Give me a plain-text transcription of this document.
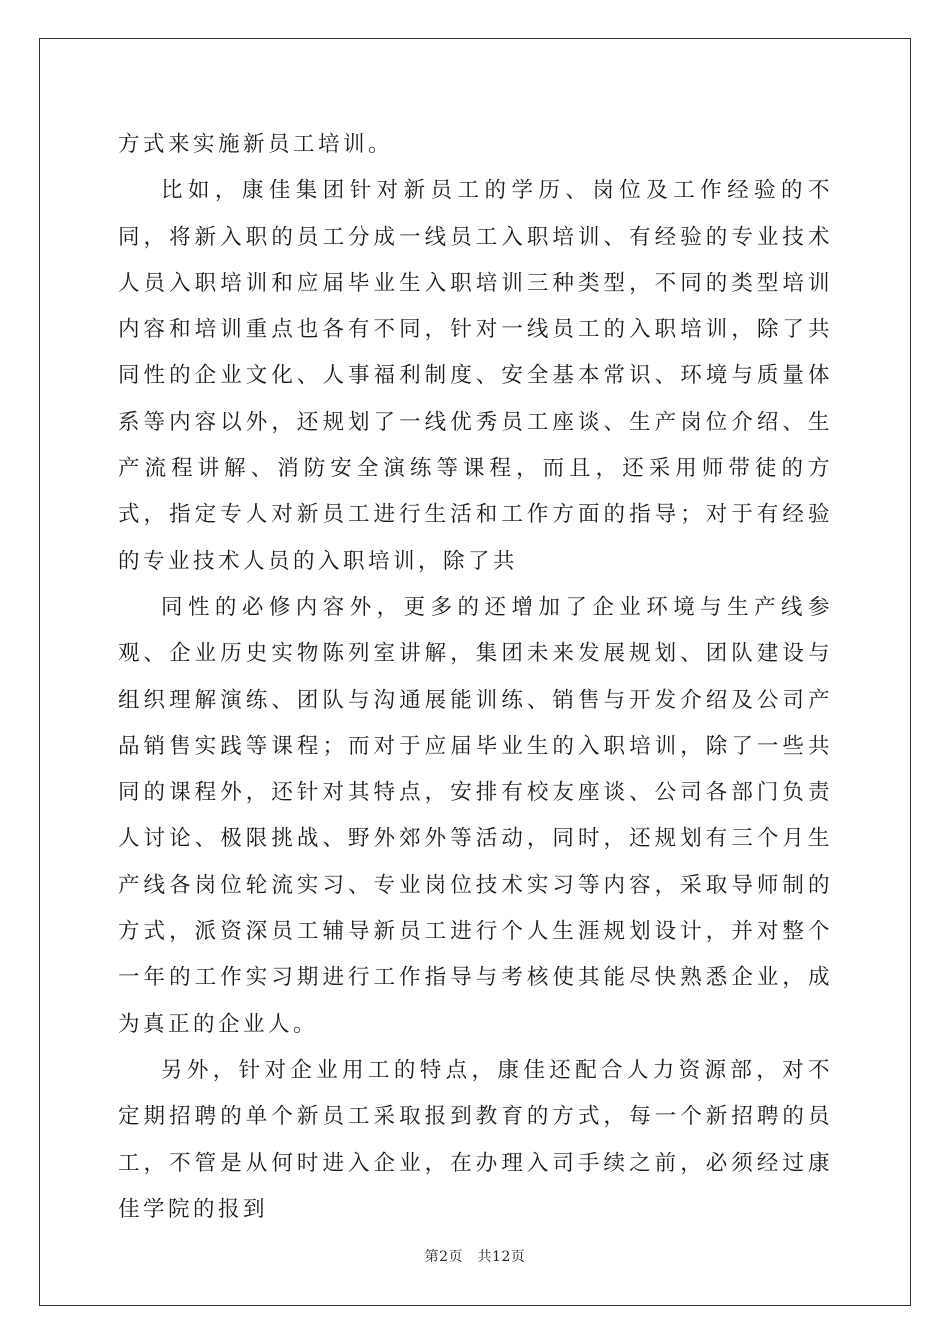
方式来实施新员工培训。

比如，康佳集团针对新员工的学历、岗位及工作经验的不同，将新入职的员工分成一线员工入职培训、有经验的专业技术人员入职培训和应届毕业生入职培训三种类型，不同的类型培训内容和培训重点也各有不同，针对一线员工的入职培训，除了共同性的企业文化、人事福利制度、安全基本常识、环境与质量体系等内容以外，还规划了一线优秀员工座谈、生产岗位介绍、生产流程讲解、消防安全演练等课程，而且，还采用师带徒的方式，指定专人对新员工进行生活和工作方面的指导；对于有经验的专业技术人员的入职培训，除了共

同性的必修内容外，更多的还增加了企业环境与生产线参观、企业历史实物陈列室讲解，集团未来发展规划、团队建设与组织理解演练、团队与沟通展能训练、销售与开发介绍及公司产品销售实践等课程；而对于应届毕业生的入职培训，除了一些共同的课程外，还针对其特点，安排有校友座谈、公司各部门负责人讨论、极限挑战、野外郊外等活动，同时，还规划有三个月生产线各岗位轮流实习、专业岗位技术实习等内容，采取导师制的方式，派资深员工辅导新员工进行个人生涯规划设计，并对整个一年的工作实习期进行工作指导与考核使其能尽快熟悉企业，成为真正的企业人。

另外，针对企业用工的特点，康佳还配合人力资源部，对不定期招聘的单个新员工采取报到教育的方式，每一个新招聘的员工，不管是从何时进入企业，在办理入司手续之前，必须经过康佳学院的报到

第2页　共12页
